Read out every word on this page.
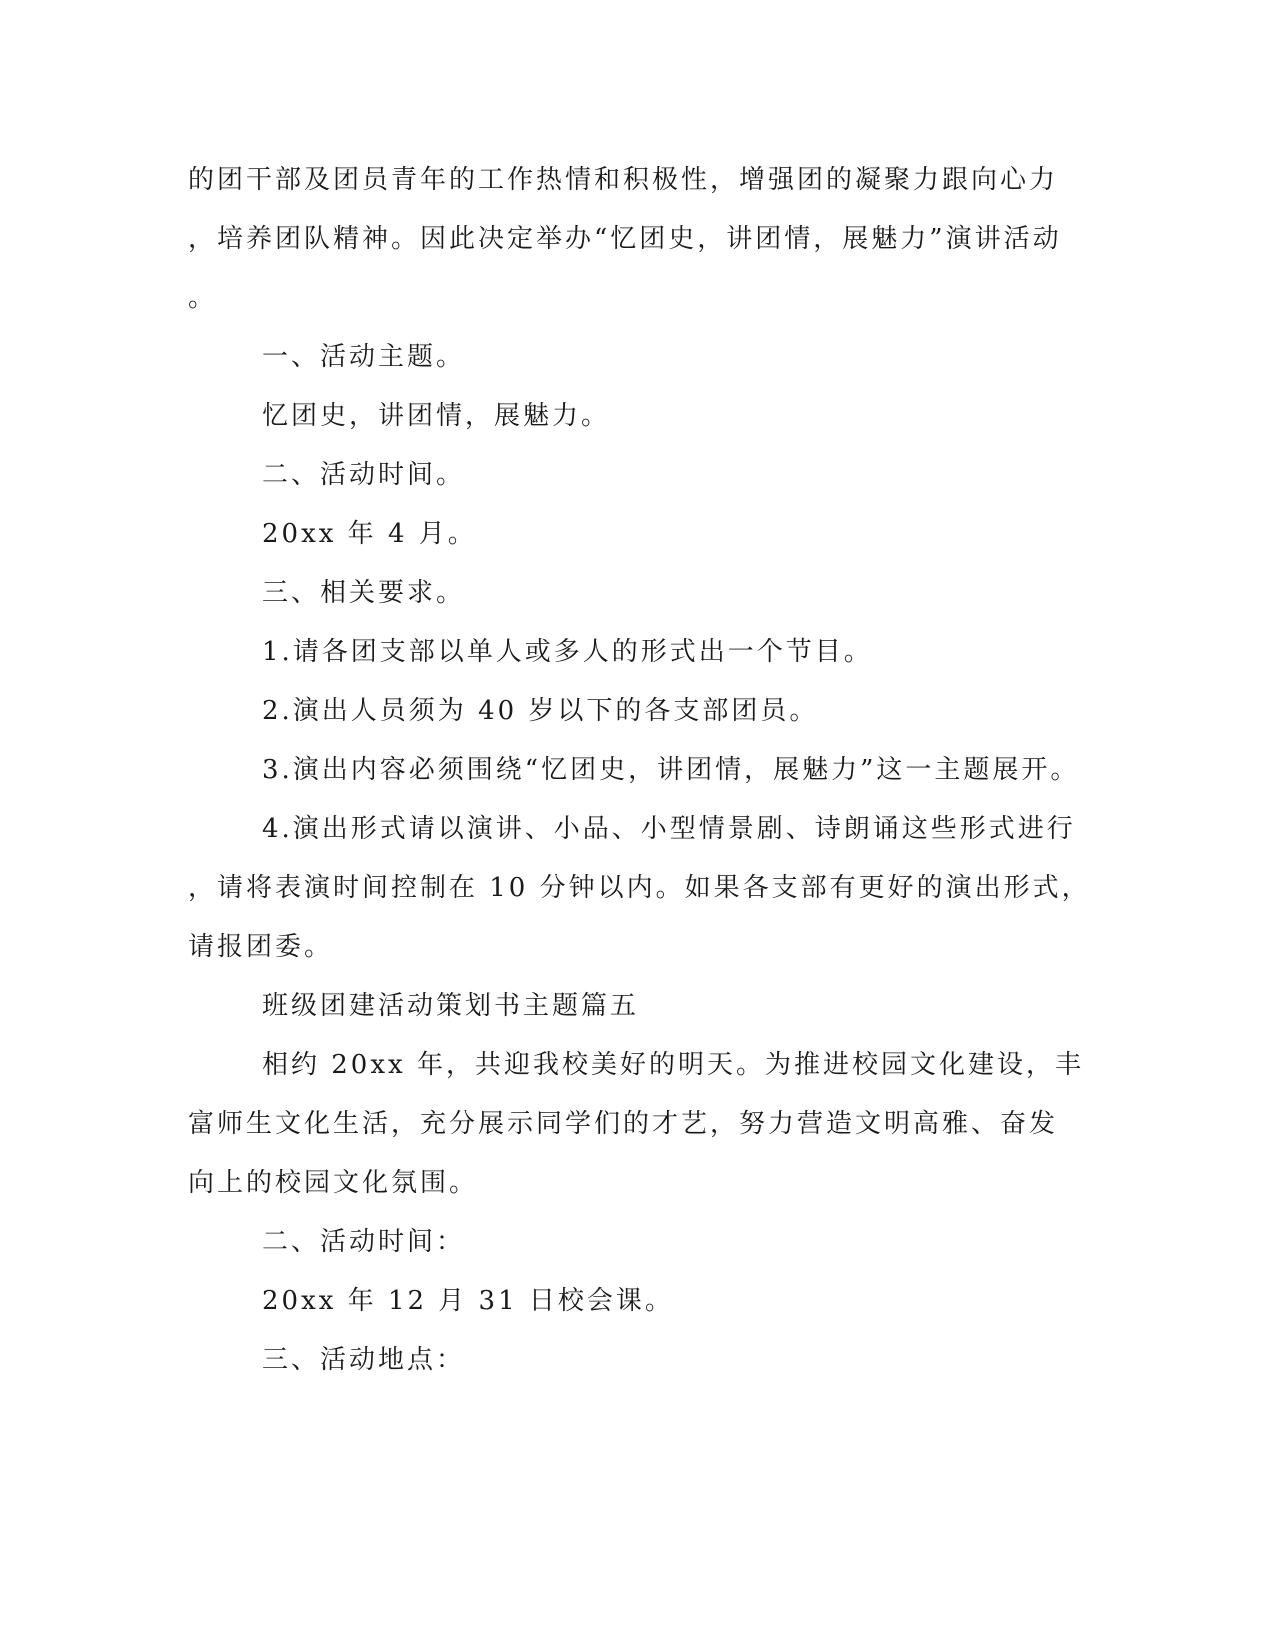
的团干部及团员青年的工作热情和积极性，增强团的凝聚力跟向心力
，培养团队精神。因此决定举办“忆团史，讲团情，展魅力”演讲活动
。
一、活动主题。
忆团史，讲团情，展魅力。
二、活动时间。
20xx 年 4 月。
三、相关要求。
1.请各团支部以单人或多人的形式出一个节目。
2.演出人员须为 40 岁以下的各支部团员。
3.演出内容必须围绕“忆团史，讲团情，展魅力”这一主题展开。
4.演出形式请以演讲、小品、小型情景剧、诗朗诵这些形式进行
，请将表演时间控制在 10 分钟以内。如果各支部有更好的演出形式，
请报团委。
班级团建活动策划书主题篇五
相约 20xx 年，共迎我校美好的明天。为推进校园文化建设，丰
富师生文化生活，充分展示同学们的才艺，努力营造文明高雅、奋发
向上的校园文化氛围。
二、活动时间：
20xx 年 12 月 31 日校会课。
三、活动地点：
